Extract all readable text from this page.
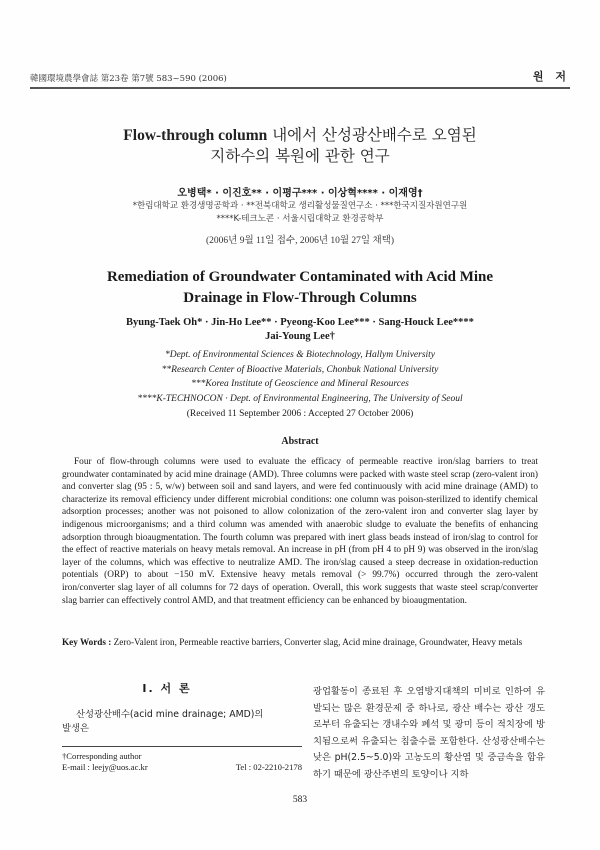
韓國環境農學會誌 第23卷 第7號 583~590 (2006)	원 저
Flow-through column 내에서 산성광산배수로 오염된
지하수의 복원에 관한 연구
오병택* · 이진호** · 이평구*** · 이상혁**** · 이재영†
*한림대학교 환경생명공학과 · **전북대학교 생리활성물질연구소 · ***한국지질자원연구원
****K-테크노콘 · 서울시립대학교 환경공학부
(2006년 9월 11일 접수, 2006년 10월 27일 채택)
Remediation of Groundwater Contaminated with Acid Mine
Drainage in Flow-Through Columns
Byung-Taek Oh* · Jin-Ho Lee** · Pyeong-Koo Lee*** · Sang-Houck Lee****
Jai-Young Lee†
*Dept. of Environmental Sciences & Biotechnology, Hallym University
**Research Center of Bioactive Materials, Chonbuk National University
***Korea Institute of Geoscience and Mineral Resources
****K-TECHNOCON · Dept. of Environmental Engineering, The University of Seoul
(Received 11 September 2006 : Accepted 27 October 2006)
Abstract
Four of flow-through columns were used to evaluate the efficacy of permeable reactive iron/slag barriers to treat groundwater contaminated by acid mine drainage (AMD). Three columns were packed with waste steel scrap (zero-valent iron) and converter slag (95 : 5, w/w) between soil and sand layers, and were fed continuously with acid mine drainage (AMD) to characterize its removal efficiency under different microbial conditions: one column was poison-sterilized to identify chemical adsorption processes; another was not poisoned to allow colonization of the zero-valent iron and converter slag layer by indigenous microorganisms; and a third column was amended with anaerobic sludge to evaluate the benefits of enhancing adsorption through bioaugmentation. The fourth column was prepared with inert glass beads instead of iron/slag to control for the effect of reactive materials on heavy metals removal. An increase in pH (from pH 4 to pH 9) was observed in the iron/slag layer of the columns, which was effective to neutralize AMD. The iron/slag caused a steep decrease in oxidation-reduction potentials (ORP) to about −150 mV. Extensive heavy metals removal (> 99.7%) occurred through the zero-valent iron/converter slag layer of all columns for 72 days of operation. Overall, this work suggests that waste steel scrap/converter slag barrier can effectively control AMD, and that treatment efficiency can be enhanced by bioaugmentation.
Key Words : Zero-Valent iron, Permeable reactive barriers, Converter slag, Acid mine drainage, Groundwater, Heavy metals
I. 서 론
산성광산배수(acid mine drainage; AMD)의 발생은
광업활동이 종료된 후 오염방지대책의 미비로 인하여 유발되는 많은 환경문제 중 하나로, 광산 배수는 광산 갱도로부터 유출되는 갱내수와 폐석 및 광미 등이 적치장에 방치됨으로써 유출되는 침출수를 포함한다. 산성광산배수는 낮은 pH(2.5~5.0)와 고농도의 황산염 및 중금속을 함유하기 때문에 광산주변의 토양이나 지하
†Corresponding author
E-mail : leejy@uos.ac.kr	Tel : 02-2210-2178
583
